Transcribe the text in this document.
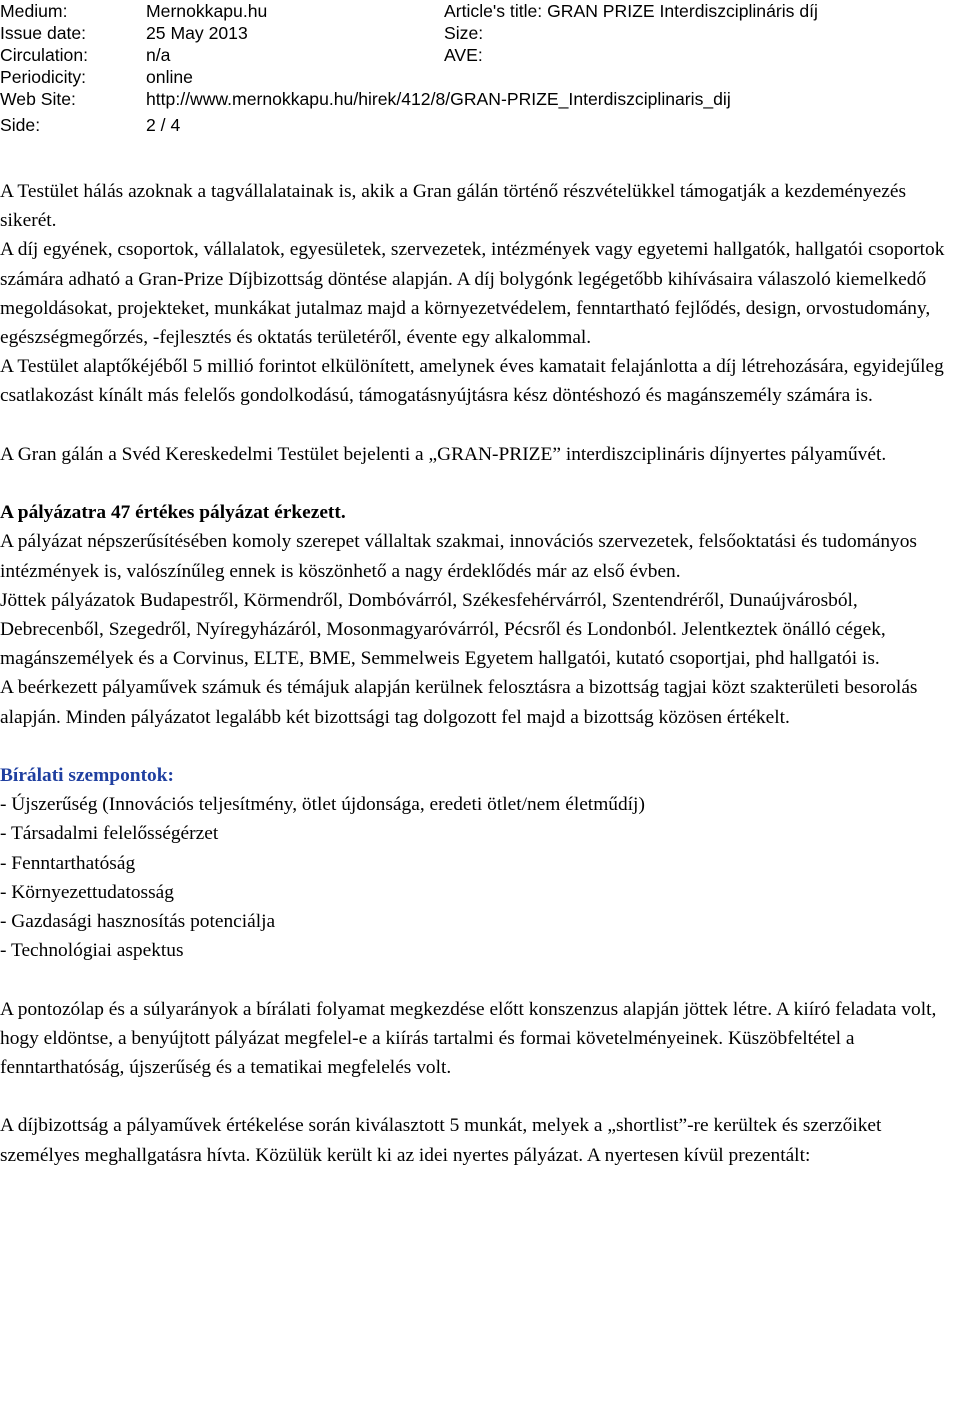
Medium:	Mernokkapu.hu	Article's title: GRAN PRIZE Interdiszciplináris díj
Issue date:	25 May 2013	Size:
Circulation:	n/a	AVE:
Periodicity:	online
Web Site:	http://www.mernokkapu.hu/hirek/412/8/GRAN-PRIZE_Interdiszciplinaris_dij
Side:	2 / 4

A Testület hálás azoknak a tagvállalatainak is, akik a Gran gálán történő részvételükkel támogatják a kezdeményezés sikerét.

A díj egyének, csoportok, vállalatok, egyesületek, szervezetek, intézmények vagy egyetemi hallgatók, hallgatói csoportok számára adható a Gran-Prize Díjbizottság döntése alapján. A díj bolygónk legégetőbb kihívásaira válaszoló kiemelkedő megoldásokat, projekteket, munkákat jutalmaz majd a környezetvédelem, fenntartható fejlődés, design, orvostudomány, egészségmegőrzés, -fejlesztés és oktatás területéről, évente egy alkalommal.

A Testület alaptőkéjéből 5 millió forintot elkülönített, amelynek éves kamatait felajánlotta a díj létrehozására, egyidejűleg csatlakozást kínált más felelős gondolkodású, támogatásnyújtásra kész döntéshozó és magánszemély számára is.

A Gran gálán a Svéd Kereskedelmi Testület bejelenti a „GRAN-PRIZE” interdiszciplináris díjnyertes pályaművét.

A pályázatra 47 értékes pályázat érkezett.

A pályázat népszerűsítésében komoly szerepet vállaltak szakmai, innovációs szervezetek, felsőoktatási és tudományos intézmények is, valószínűleg ennek is köszönhető a nagy érdeklődés már az első évben.

Jöttek pályázatok Budapestről, Körmendről, Dombóvárról, Székesfehérvárról, Szentendréről, Dunaújvárosból, Debrecenből, Szegedről, Nyíregyházáról, Mosonmagyaróvárról, Pécsről és Londonból. Jelentkeztek önálló cégek, magánszemélyek és a Corvinus, ELTE, BME, Semmelweis Egyetem hallgatói, kutató csoportjai, phd hallgatói is.

A beérkezett pályaművek számuk és témájuk alapján kerülnek felosztásra a bizottság tagjai közt szakterületi besorolás alapján. Minden pályázatot legalább két bizottsági tag dolgozott fel majd a bizottság közösen értékelt.

Bírálati szempontok:

- Újszerűség (Innovációs teljesítmény, ötlet újdonsága, eredeti ötlet/nem életműdíj)
- Társadalmi felelősségérzet
- Fenntarthatóság
- Környezettudatosság
- Gazdasági hasznosítás potenciálja
- Technológiai aspektus

A pontozólap és a súlyarányok a bírálati folyamat megkezdése előtt konszenzus alapján jöttek létre. A kiíró feladata volt, hogy eldöntse, a benyújtott pályázat megfelel-e a kiírás tartalmi és formai követelményeinek. Küszöbfeltétel a fenntarthatóság, újszerűség és a tematikai megfelelés volt.

A díjbizottság a pályaművek értékelése során kiválasztott 5 munkát, melyek a „shortlist”-re kerültek és szerzőiket személyes meghallgatásra hívta. Közülük került ki az idei nyertes pályázat. A nyertesen kívül prezentált:
